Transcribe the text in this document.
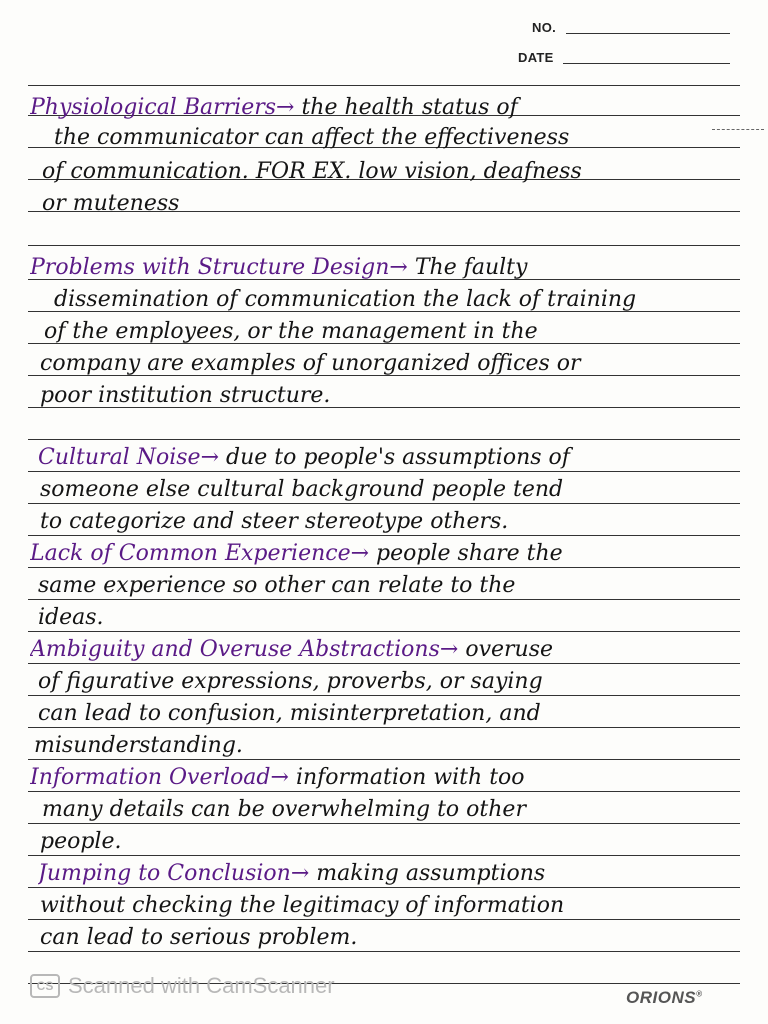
NO.
DATE
Physiological Barriers→ the health status of
the communicator can affect the effectiveness
of communication. FOR EX. low vision, deafness
or muteness
Problems with Structure Design→ The faulty
dissemination of communication the lack of training
of the employees, or the management in the
company are examples of unorganized offices or
poor institution structure.
Cultural Noise→ due to people's assumptions of
someone else cultural background people tend
to categorize and steer stereotype others.
Lack of Common Experience→ people share the
same experience so other can relate to the
ideas.
Ambiguity and Overuse Abstractions→ overuse
of figurative expressions, proverbs, or saying
can lead to confusion, misinterpretation, and
misunderstanding.
Information Overload→ information with too
many details can be overwhelming to other
people.
Jumping to Conclusion→ making assumptions
without checking the legitimacy of information
can lead to serious problem.
CS Scanned with CamScanner	ORIONS®
